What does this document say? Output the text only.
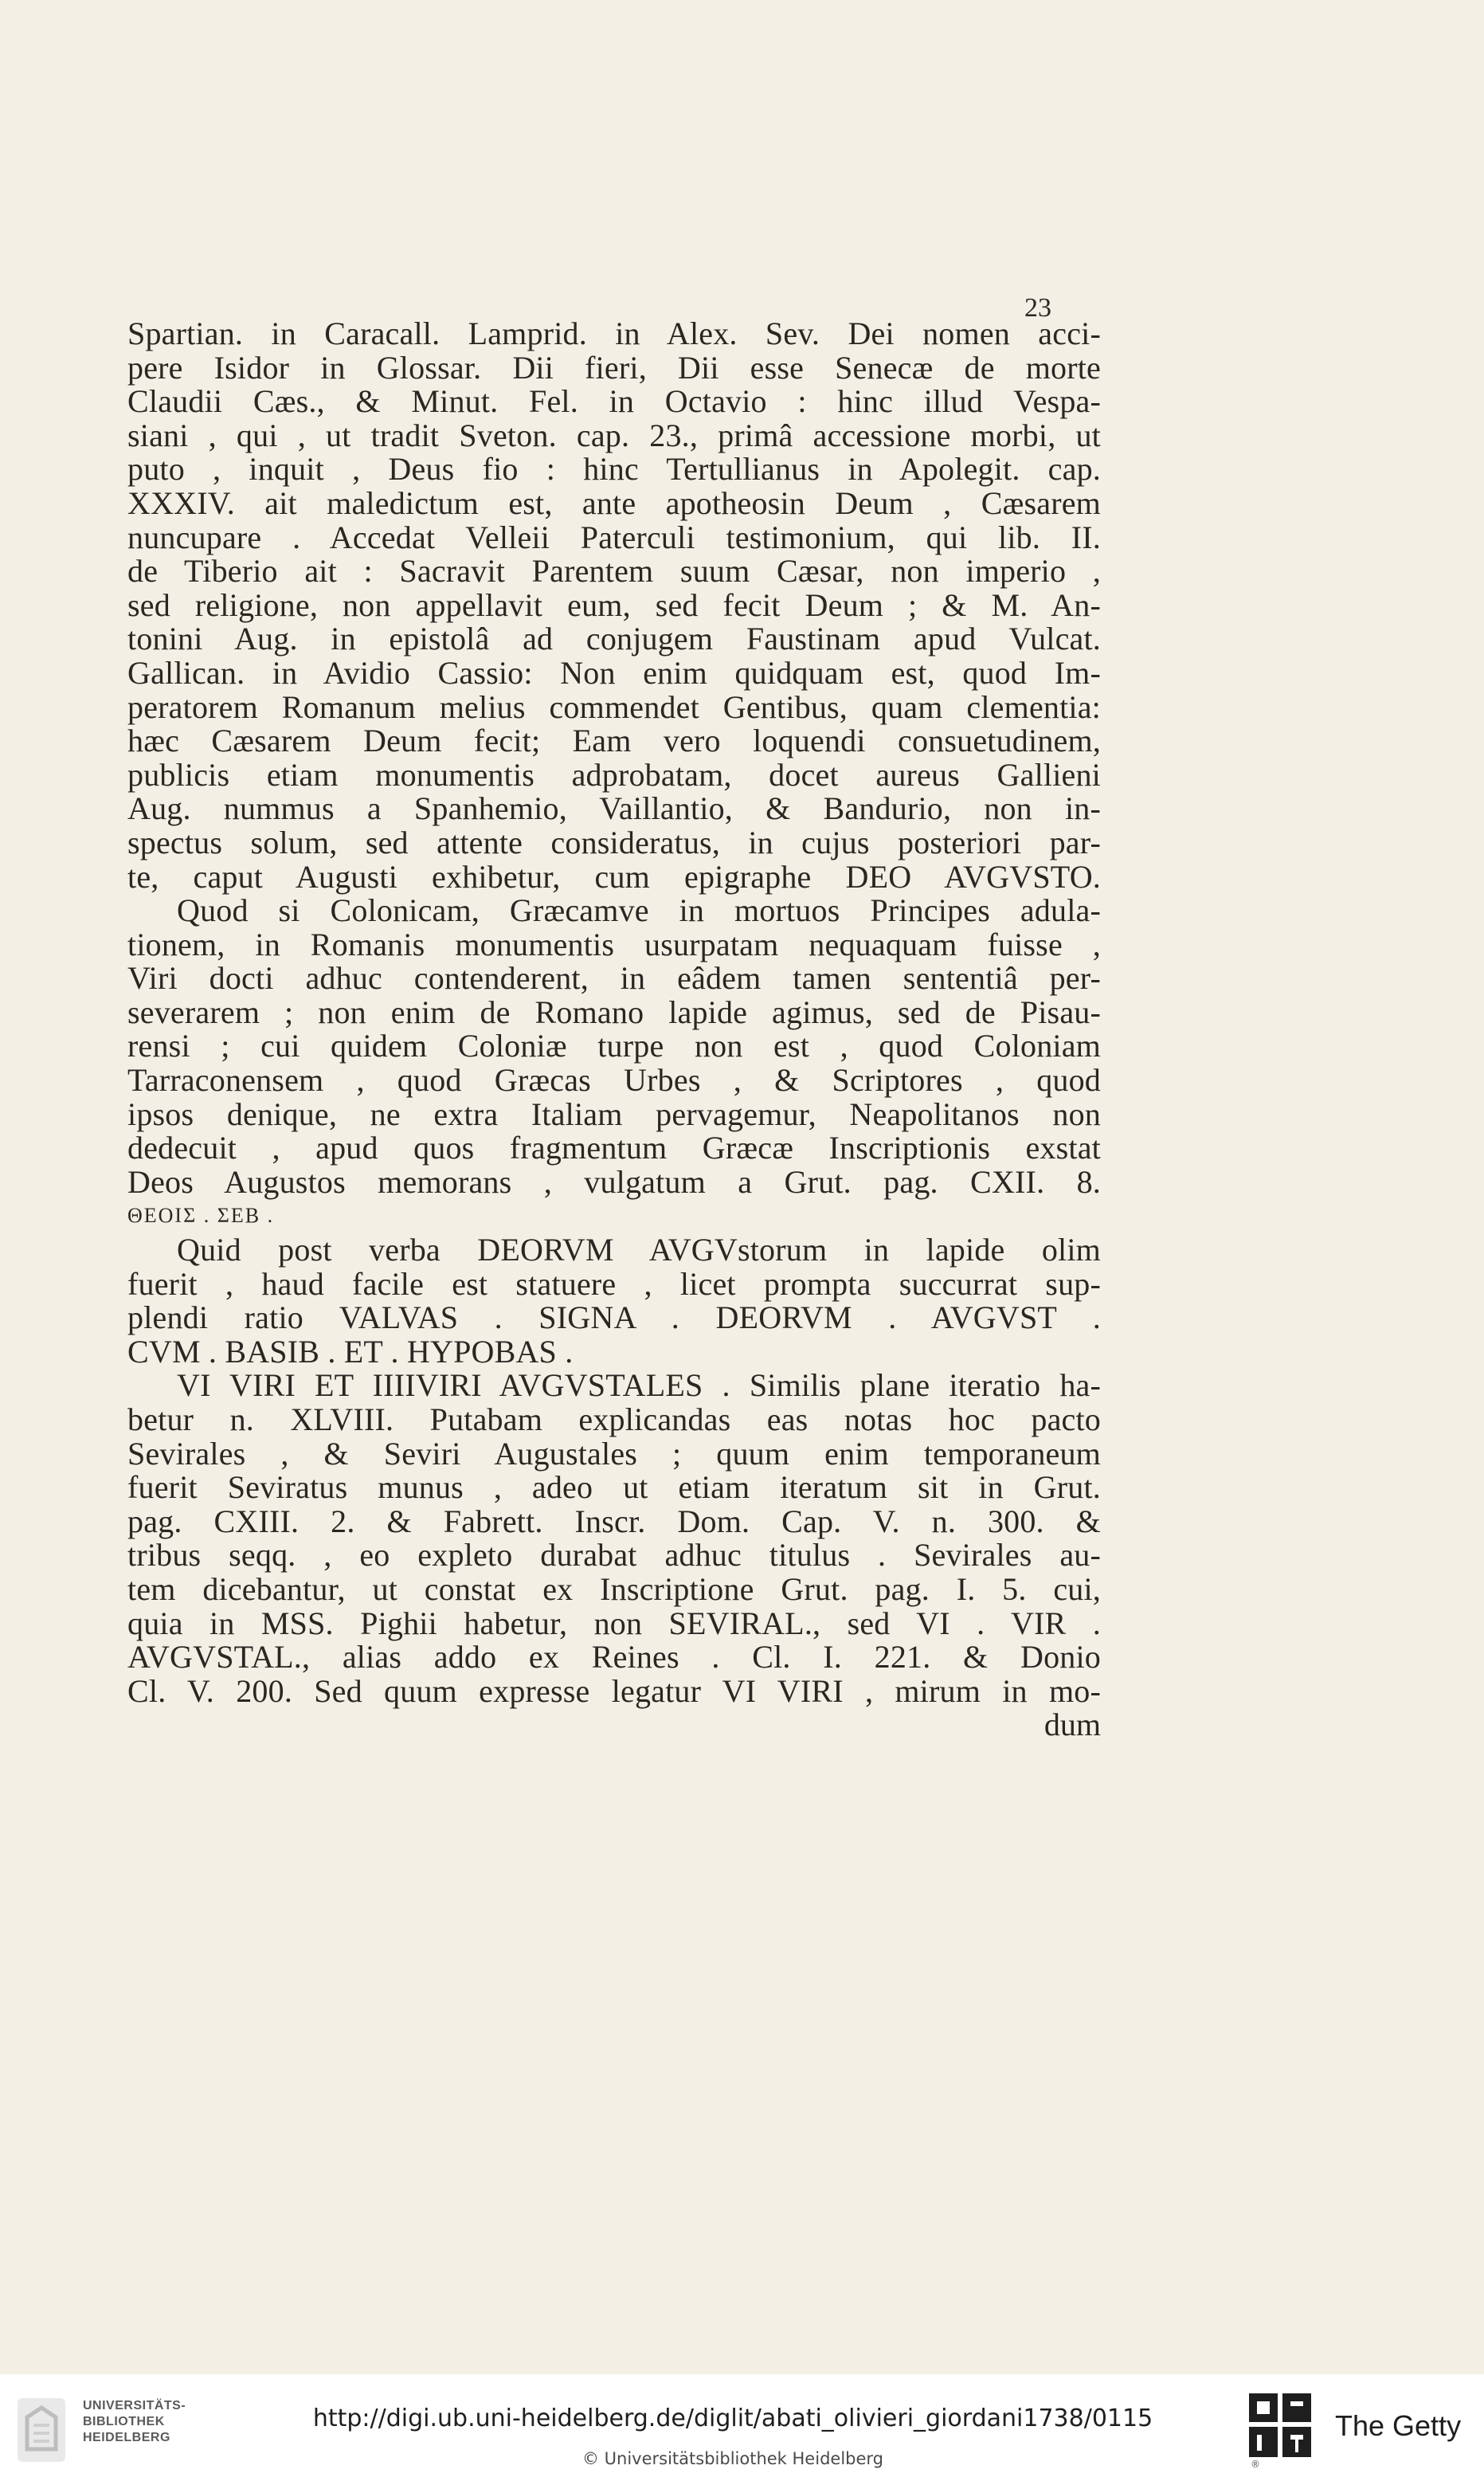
23
Spartian. in Caracall. Lamprid. in Alex. Sev. Dei nomen acci-
pere Isidor in Glossar. Dii fieri, Dii esse Senecæ de morte
Claudii Cæs., & Minut. Fel. in Octavio : hinc illud Vespa-
siani , qui , ut tradit Sveton. cap. 23., primâ accessione morbi, ut
puto , inquit , Deus fio : hinc Tertullianus in Apolegit. cap.
XXXIV. ait maledictum est, ante apotheosin Deum , Cæsarem
nuncupare . Accedat Velleii Paterculi testimonium, qui lib. II.
de Tiberio ait : Sacravit Parentem suum Cæsar, non imperio ,
sed religione, non appellavit eum, sed fecit Deum ; & M. An-
tonini Aug. in epistolâ ad conjugem Faustinam apud Vulcat.
Gallican. in Avidio Cassio: Non enim quidquam est, quod Im-
peratorem Romanum melius commendet Gentibus, quam clementia:
hæc Cæsarem Deum fecit; Eam vero loquendi consuetudinem,
publicis etiam monumentis adprobatam, docet aureus Gallieni
Aug. nummus a Spanhemio, Vaillantio, & Bandurio, non in-
spectus solum, sed attente consideratus, in cujus posteriori par-
te, caput Augusti exhibetur, cum epigraphe DEO AVGVSTO.
Quod si Colonicam, Græcamve in mortuos Principes adula-
tionem, in Romanis monumentis usurpatam nequaquam fuisse ,
Viri docti adhuc contenderent, in eâdem tamen sententiâ per-
severarem ; non enim de Romano lapide agimus, sed de Pisau-
rensi ; cui quidem Coloniæ turpe non est , quod Coloniam
Tarraconensem , quod Græcas Urbes , & Scriptores , quod
ipsos denique, ne extra Italiam pervagemur, Neapolitanos non
dedecuit , apud quos fragmentum Græcæ Inscriptionis exstat
Deos Augustos memorans , vulgatum a Grut. pag. CXII. 8.
ΘΕΟΙΣ . ΣΕΒ .
Quid post verba DEORVM AVGVstorum in lapide olim
fuerit , haud facile est statuere , licet prompta succurrat sup-
plendi ratio VALVAS . SIGNA . DEORVM . AVGVST .
CVM . BASIB . ET . HYPOBAS .
VI VIRI ET IIIIVIRI AVGVSTALES . Similis plane iteratio ha-
betur n. XLVIII. Putabam explicandas eas notas hoc pacto
Sevirales , & Seviri Augustales ; quum enim temporaneum
fuerit Seviratus munus , adeo ut etiam iteratum sit in Grut.
pag. CXIII. 2. & Fabrett. Inscr. Dom. Cap. V. n. 300. &
tribus seqq. , eo expleto durabat adhuc titulus . Sevirales au-
tem dicebantur, ut constat ex Inscriptione Grut. pag. I. 5. cui,
quia in MSS. Pighii habetur, non SEVIRAL., sed VI . VIR .
AVGVSTAL., alias addo ex Reines . Cl. I. 221. & Donio
Cl. V. 200. Sed quum expresse legatur VI VIRI , mirum in mo-
dum
UNIVERSITÄTS-
BIBLIOTHEK
HEIDELBERG
http://digi.ub.uni-heidelberg.de/diglit/abati_olivieri_giordani1738/0115
© Universitätsbibliothek Heidelberg	®
The Getty
